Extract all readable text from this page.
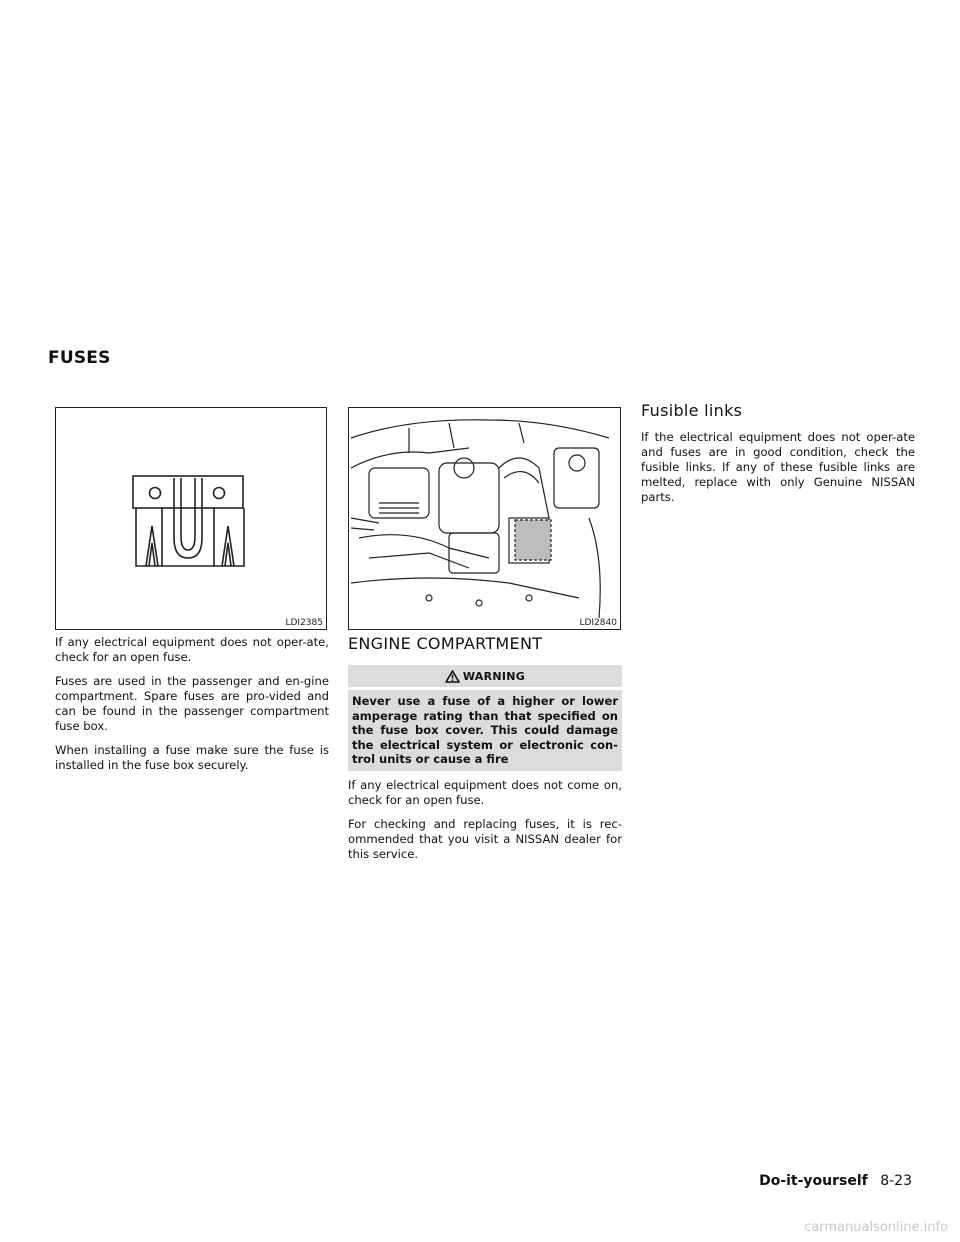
FUSES
LDI2385	LDI2840

If any electrical equipment does not oper-ate, check for an open fuse.

Fuses are used in the passenger and en-gine compartment. Spare fuses are pro-vided and can be found in the passenger compartment fuse box.

When installing a fuse make sure the fuse is installed in the fuse box securely.

ENGINE COMPARTMENT
WARNING
Never use a fuse of a higher or lower amperage rating than that specified on the fuse box cover. This could damage the electrical system or electronic con-trol units or cause a fire

If any electrical equipment does not come on, check for an open fuse.

For checking and replacing fuses, it is rec-ommended that you visit a NISSAN dealer for this service.

Fusible links

If the electrical equipment does not oper-ate and fuses are in good condition, check the fusible links. If any of these fusible links are melted, replace with only Genuine NISSAN parts.

Do-it-yourself 8-23
carmanualsonline.info
